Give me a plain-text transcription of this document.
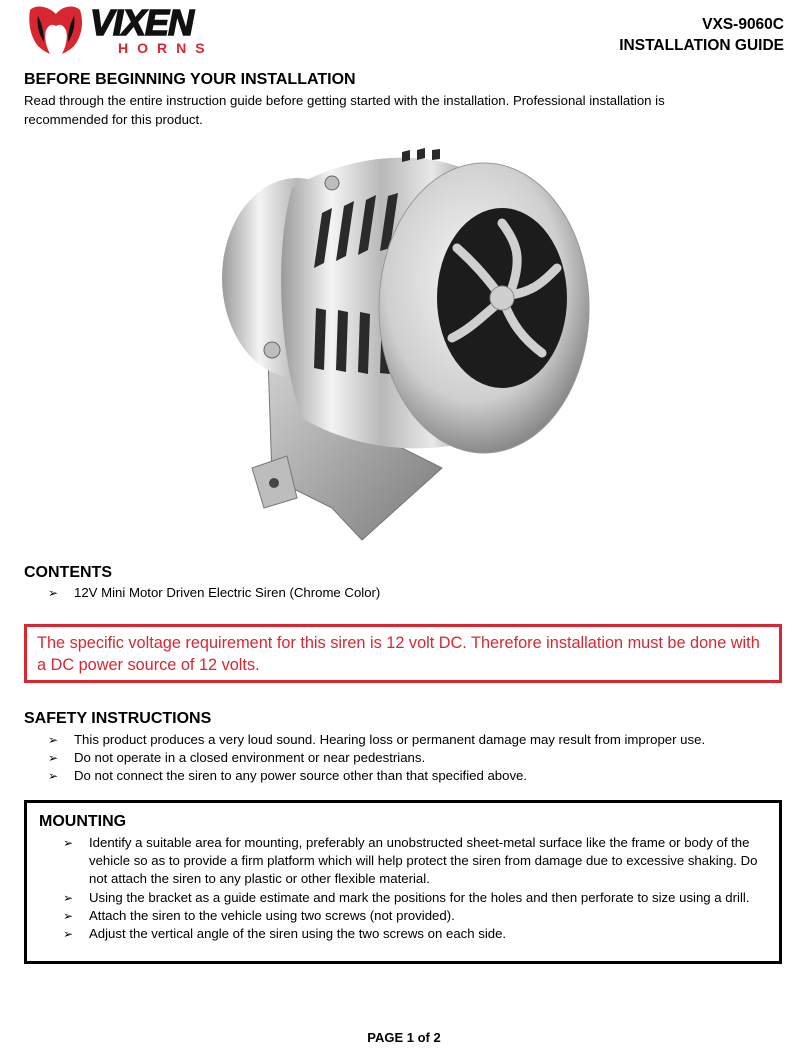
VIXEN
HORNS
VXS-9060C
INSTALLATION GUIDE
BEFORE BEGINNING YOUR INSTALLATION
Read through the entire instruction guide before getting started with the installation. Professional installation is recommended for this product.
CONTENTS
➢ 12V Mini Motor Driven Electric Siren (Chrome Color)
The specific voltage requirement for this siren is 12 volt DC. Therefore installation must be done with a DC power source of 12 volts.
SAFETY INSTRUCTIONS
➢ This product produces a very loud sound. Hearing loss or permanent damage may result from improper use.
➢ Do not operate in a closed environment or near pedestrians.
➢ Do not connect the siren to any power source other than that specified above.
MOUNTING
➢ Identify a suitable area for mounting, preferably an unobstructed sheet-metal surface like the frame or body of the vehicle so as to provide a firm platform which will help protect the siren from damage due to excessive shaking. Do not attach the siren to any plastic or other flexible material.
➢ Using the bracket as a guide estimate and mark the positions for the holes and then perforate to size using a drill.
➢ Attach the siren to the vehicle using two screws (not provided).
➢ Adjust the vertical angle of the siren using the two screws on each side.
PAGE 1 of 2
